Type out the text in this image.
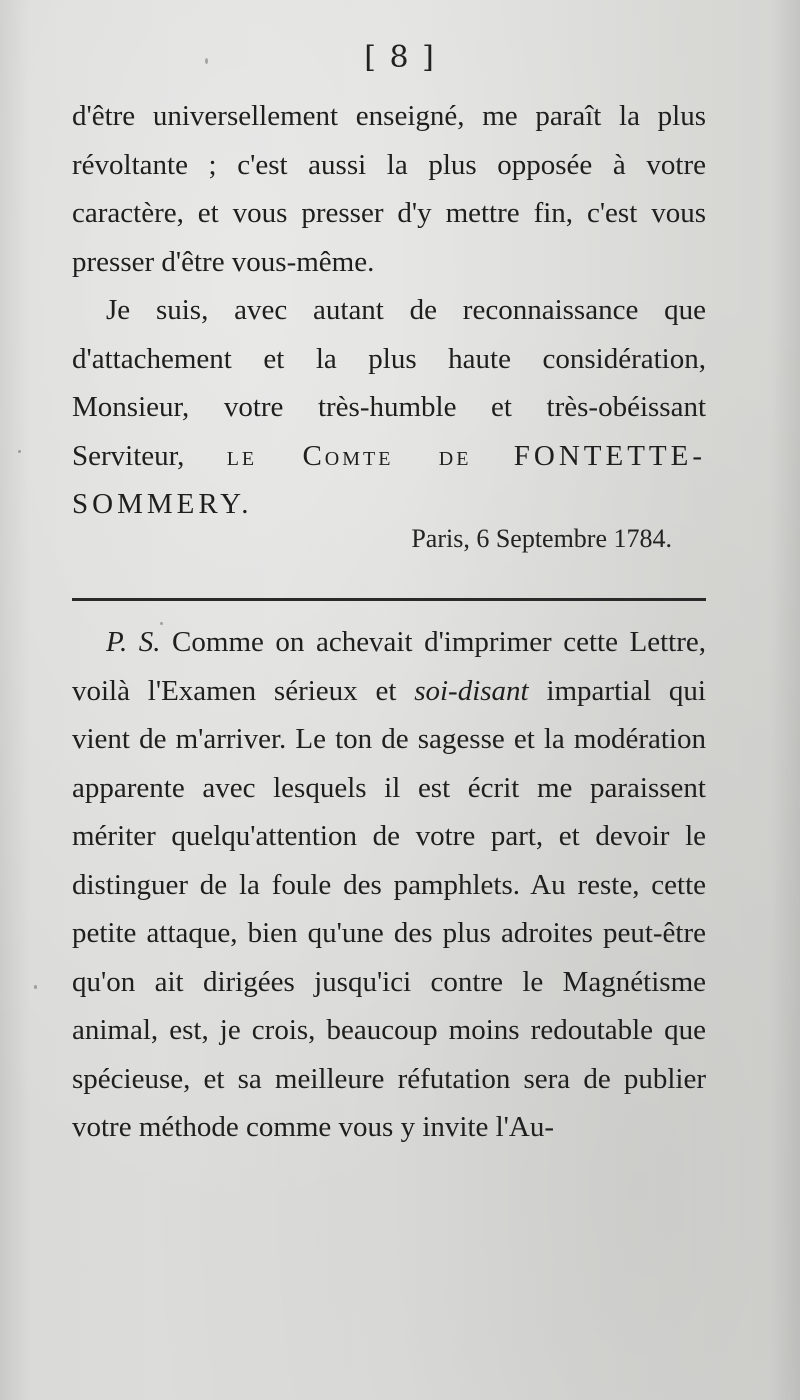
[ 8 ]

d'être universellement enseigné, me paraît la plus révoltante ; c'est aussi la plus opposée à votre caractère, et vous presser d'y mettre fin, c'est vous presser d'être vous-même.

Je suis, avec autant de reconnaissance que d'attachement et la plus haute considération, Monsieur, votre très-humble et très-obéissant Serviteur, le Comte de FONTETTE-SOMMERY.

Paris, 6 Septembre 1784.

P. S. Comme on achevait d'imprimer cette Lettre, voilà l'Examen sérieux et soi-disant impartial qui vient de m'arriver. Le ton de sagesse et la modération apparente avec lesquels il est écrit me paraissent mériter quelqu'attention de votre part, et devoir le distinguer de la foule des pamphlets. Au reste, cette petite attaque, bien qu'une des plus adroites peut-être qu'on ait dirigées jusqu'ici contre le Magnétisme animal, est, je crois, beaucoup moins redoutable que spécieuse, et sa meilleure réfutation sera de publier votre méthode comme vous y invite l'Au-
